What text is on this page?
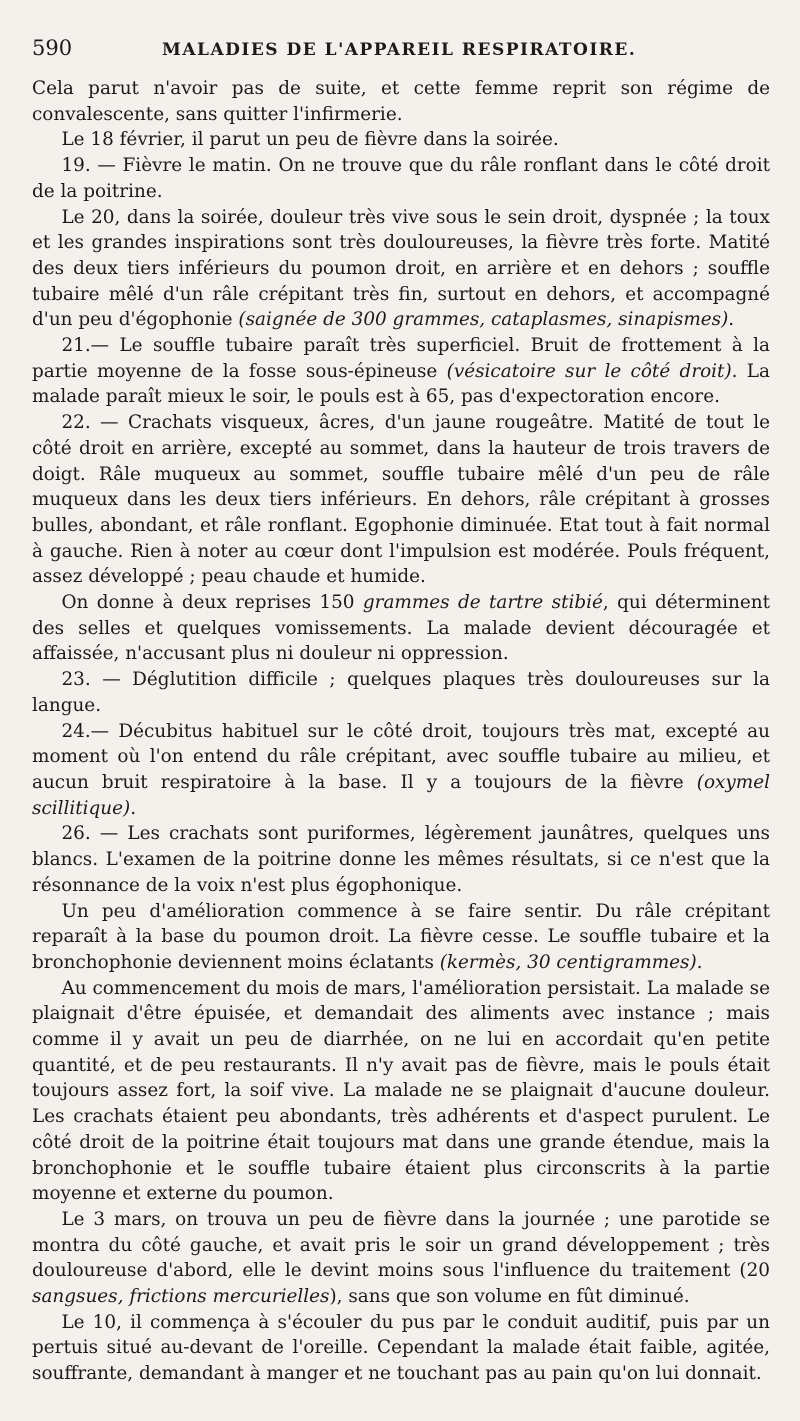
590	MALADIES DE L'APPAREIL RESPIRATOIRE.

Cela parut n'avoir pas de suite, et cette femme reprit son régime de convalescente, sans quitter l'infirmerie.

Le 18 février, il parut un peu de fièvre dans la soirée.

19. — Fièvre le matin. On ne trouve que du râle ronflant dans le côté droit de la poitrine.

Le 20, dans la soirée, douleur très vive sous le sein droit, dyspnée ; la toux et les grandes inspirations sont très douloureuses, la fièvre très forte. Matité des deux tiers inférieurs du poumon droit, en arrière et en dehors ; souffle tubaire mêlé d'un râle crépitant très fin, surtout en dehors, et accompagné d'un peu d'égophonie (saignée de 300 grammes, cataplasmes, sinapismes).

21.— Le souffle tubaire paraît très superficiel. Bruit de frottement à la partie moyenne de la fosse sous-épineuse (vésicatoire sur le côté droit). La malade paraît mieux le soir, le pouls est à 65, pas d'expectoration encore.

22. — Crachats visqueux, âcres, d'un jaune rougeâtre. Matité de tout le côté droit en arrière, excepté au sommet, dans la hauteur de trois travers de doigt. Râle muqueux au sommet, souffle tubaire mêlé d'un peu de râle muqueux dans les deux tiers inférieurs. En dehors, râle crépitant à grosses bulles, abondant, et râle ronflant. Egophonie diminuée. Etat tout à fait normal à gauche. Rien à noter au cœur dont l'impulsion est modérée. Pouls fréquent, assez développé ; peau chaude et humide.

On donne à deux reprises 150 grammes de tartre stibié, qui déterminent des selles et quelques vomissements. La malade devient découragée et affaissée, n'accusant plus ni douleur ni oppression.

23. — Déglutition difficile ; quelques plaques très douloureuses sur la langue.

24.— Décubitus habituel sur le côté droit, toujours très mat, excepté au moment où l'on entend du râle crépitant, avec souffle tubaire au milieu, et aucun bruit respiratoire à la base. Il y a toujours de la fièvre (oxymel scillitique).

26. — Les crachats sont puriformes, légèrement jaunâtres, quelques uns blancs. L'examen de la poitrine donne les mêmes résultats, si ce n'est que la résonnance de la voix n'est plus égophonique.

Un peu d'amélioration commence à se faire sentir. Du râle crépitant reparaît à la base du poumon droit. La fièvre cesse. Le souffle tubaire et la bronchophonie deviennent moins éclatants (kermès, 30 centigrammes).

Au commencement du mois de mars, l'amélioration persistait. La malade se plaignait d'être épuisée, et demandait des aliments avec instance ; mais comme il y avait un peu de diarrhée, on ne lui en accordait qu'en petite quantité, et de peu restaurants. Il n'y avait pas de fièvre, mais le pouls était toujours assez fort, la soif vive. La malade ne se plaignait d'aucune douleur. Les crachats étaient peu abondants, très adhérents et d'aspect purulent. Le côté droit de la poitrine était toujours mat dans une grande étendue, mais la bronchophonie et le souffle tubaire étaient plus circonscrits à la partie moyenne et externe du poumon.

Le 3 mars, on trouva un peu de fièvre dans la journée ; une parotide se montra du côté gauche, et avait pris le soir un grand développement ; très douloureuse d'abord, elle le devint moins sous l'influence du traitement (20 sangsues, frictions mercurielles), sans que son volume en fût diminué.

Le 10, il commença à s'écouler du pus par le conduit auditif, puis par un pertuis situé au-devant de l'oreille. Cependant la malade était faible, agitée, souffrante, demandant à manger et ne touchant pas au pain qu'on lui donnait.
